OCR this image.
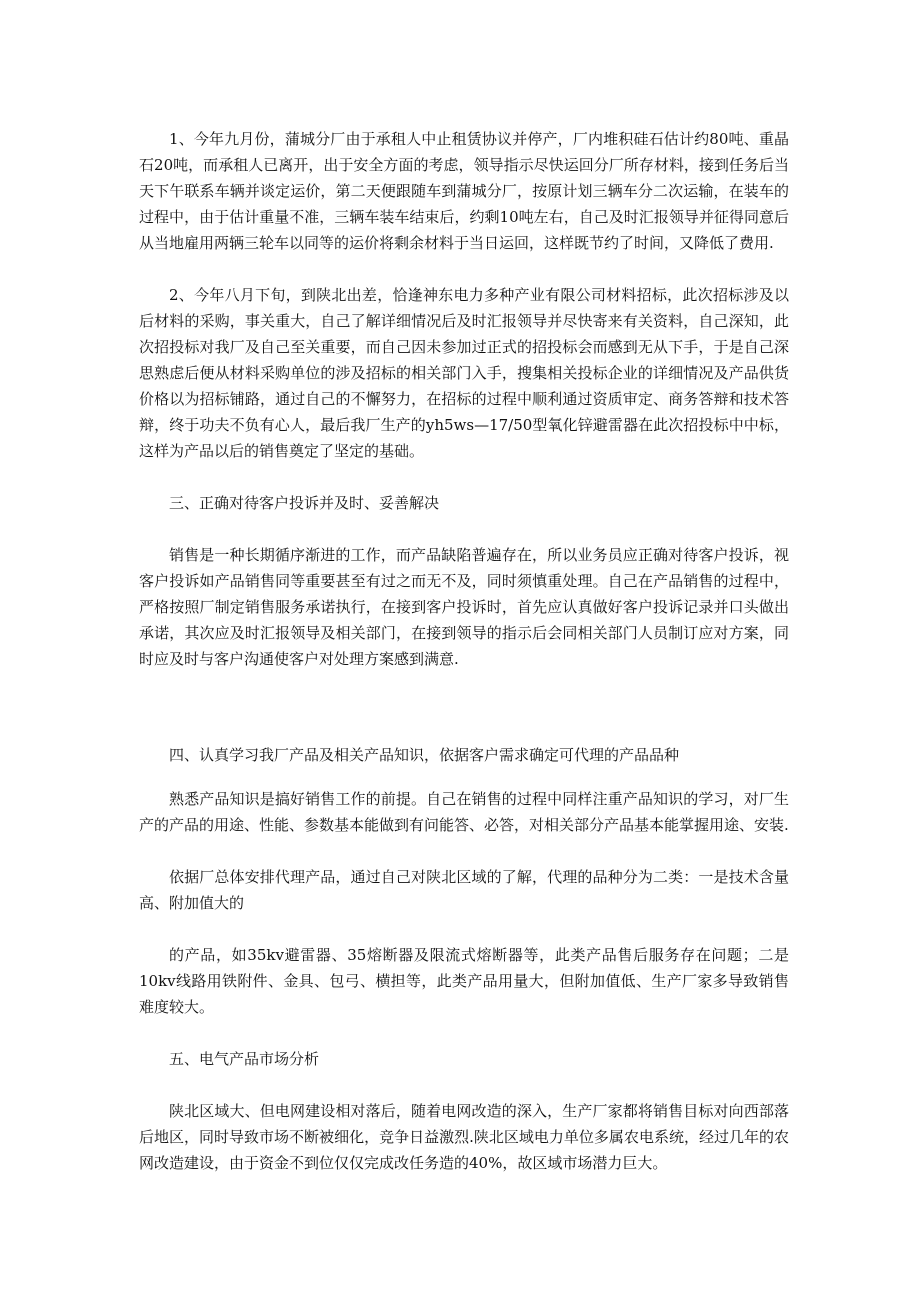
1、今年九月份，蒲城分厂由于承租人中止租赁协议并停产，厂内堆积硅石估计约80吨、重晶石20吨，而承租人已离开，出于安全方面的考虑，领导指示尽快运回分厂所存材料，接到任务后当天下午联系车辆并谈定运价，第二天便跟随车到蒲城分厂，按原计划三辆车分二次运输，在装车的过程中，由于估计重量不准，三辆车装车结束后，约剩10吨左右，自己及时汇报领导并征得同意后从当地雇用两辆三轮车以同等的运价将剩余材料于当日运回，这样既节约了时间，又降低了费用.

2、今年八月下旬，到陕北出差，恰逢神东电力多种产业有限公司材料招标，此次招标涉及以后材料的采购，事关重大，自己了解详细情况后及时汇报领导并尽快寄来有关资料，自己深知，此次招投标对我厂及自己至关重要，而自己因未参加过正式的招投标会而感到无从下手，于是自己深思熟虑后便从材料采购单位的涉及招标的相关部门入手，搜集相关投标企业的详细情况及产品供货价格以为招标铺路，通过自己的不懈努力，在招标的过程中顺利通过资质审定、商务答辩和技术答辩，终于功夫不负有心人，最后我厂生产的yh5ws—17/50型氧化锌避雷器在此次招投标中中标，这样为产品以后的销售奠定了坚定的基础。

三、正确对待客户投诉并及时、妥善解决

销售是一种长期循序渐进的工作，而产品缺陷普遍存在，所以业务员应正确对待客户投诉，视客户投诉如产品销售同等重要甚至有过之而无不及，同时须慎重处理。自己在产品销售的过程中，严格按照厂制定销售服务承诺执行，在接到客户投诉时，首先应认真做好客户投诉记录并口头做出承诺，其次应及时汇报领导及相关部门，在接到领导的指示后会同相关部门人员制订应对方案，同时应及时与客户沟通使客户对处理方案感到满意.

四、认真学习我厂产品及相关产品知识，依据客户需求确定可代理的产品品种

熟悉产品知识是搞好销售工作的前提。自己在销售的过程中同样注重产品知识的学习，对厂生产的产品的用途、性能、参数基本能做到有问能答、必答，对相关部分产品基本能掌握用途、安装.

依据厂总体安排代理产品，通过自己对陕北区域的了解，代理的品种分为二类：一是技术含量高、附加值大的

的产品，如35kv避雷器、35熔断器及限流式熔断器等，此类产品售后服务存在问题；二是10kv线路用铁附件、金具、包弓、横担等，此类产品用量大，但附加值低、生产厂家多导致销售难度较大。

五、电气产品市场分析

陕北区域大、但电网建设相对落后，随着电网改造的深入，生产厂家都将销售目标对向西部落后地区，同时导致市场不断被细化，竞争日益激烈.陕北区域电力单位多属农电系统，经过几年的农网改造建设，由于资金不到位仅仅完成改任务造的40%，故区域市场潜力巨大。
